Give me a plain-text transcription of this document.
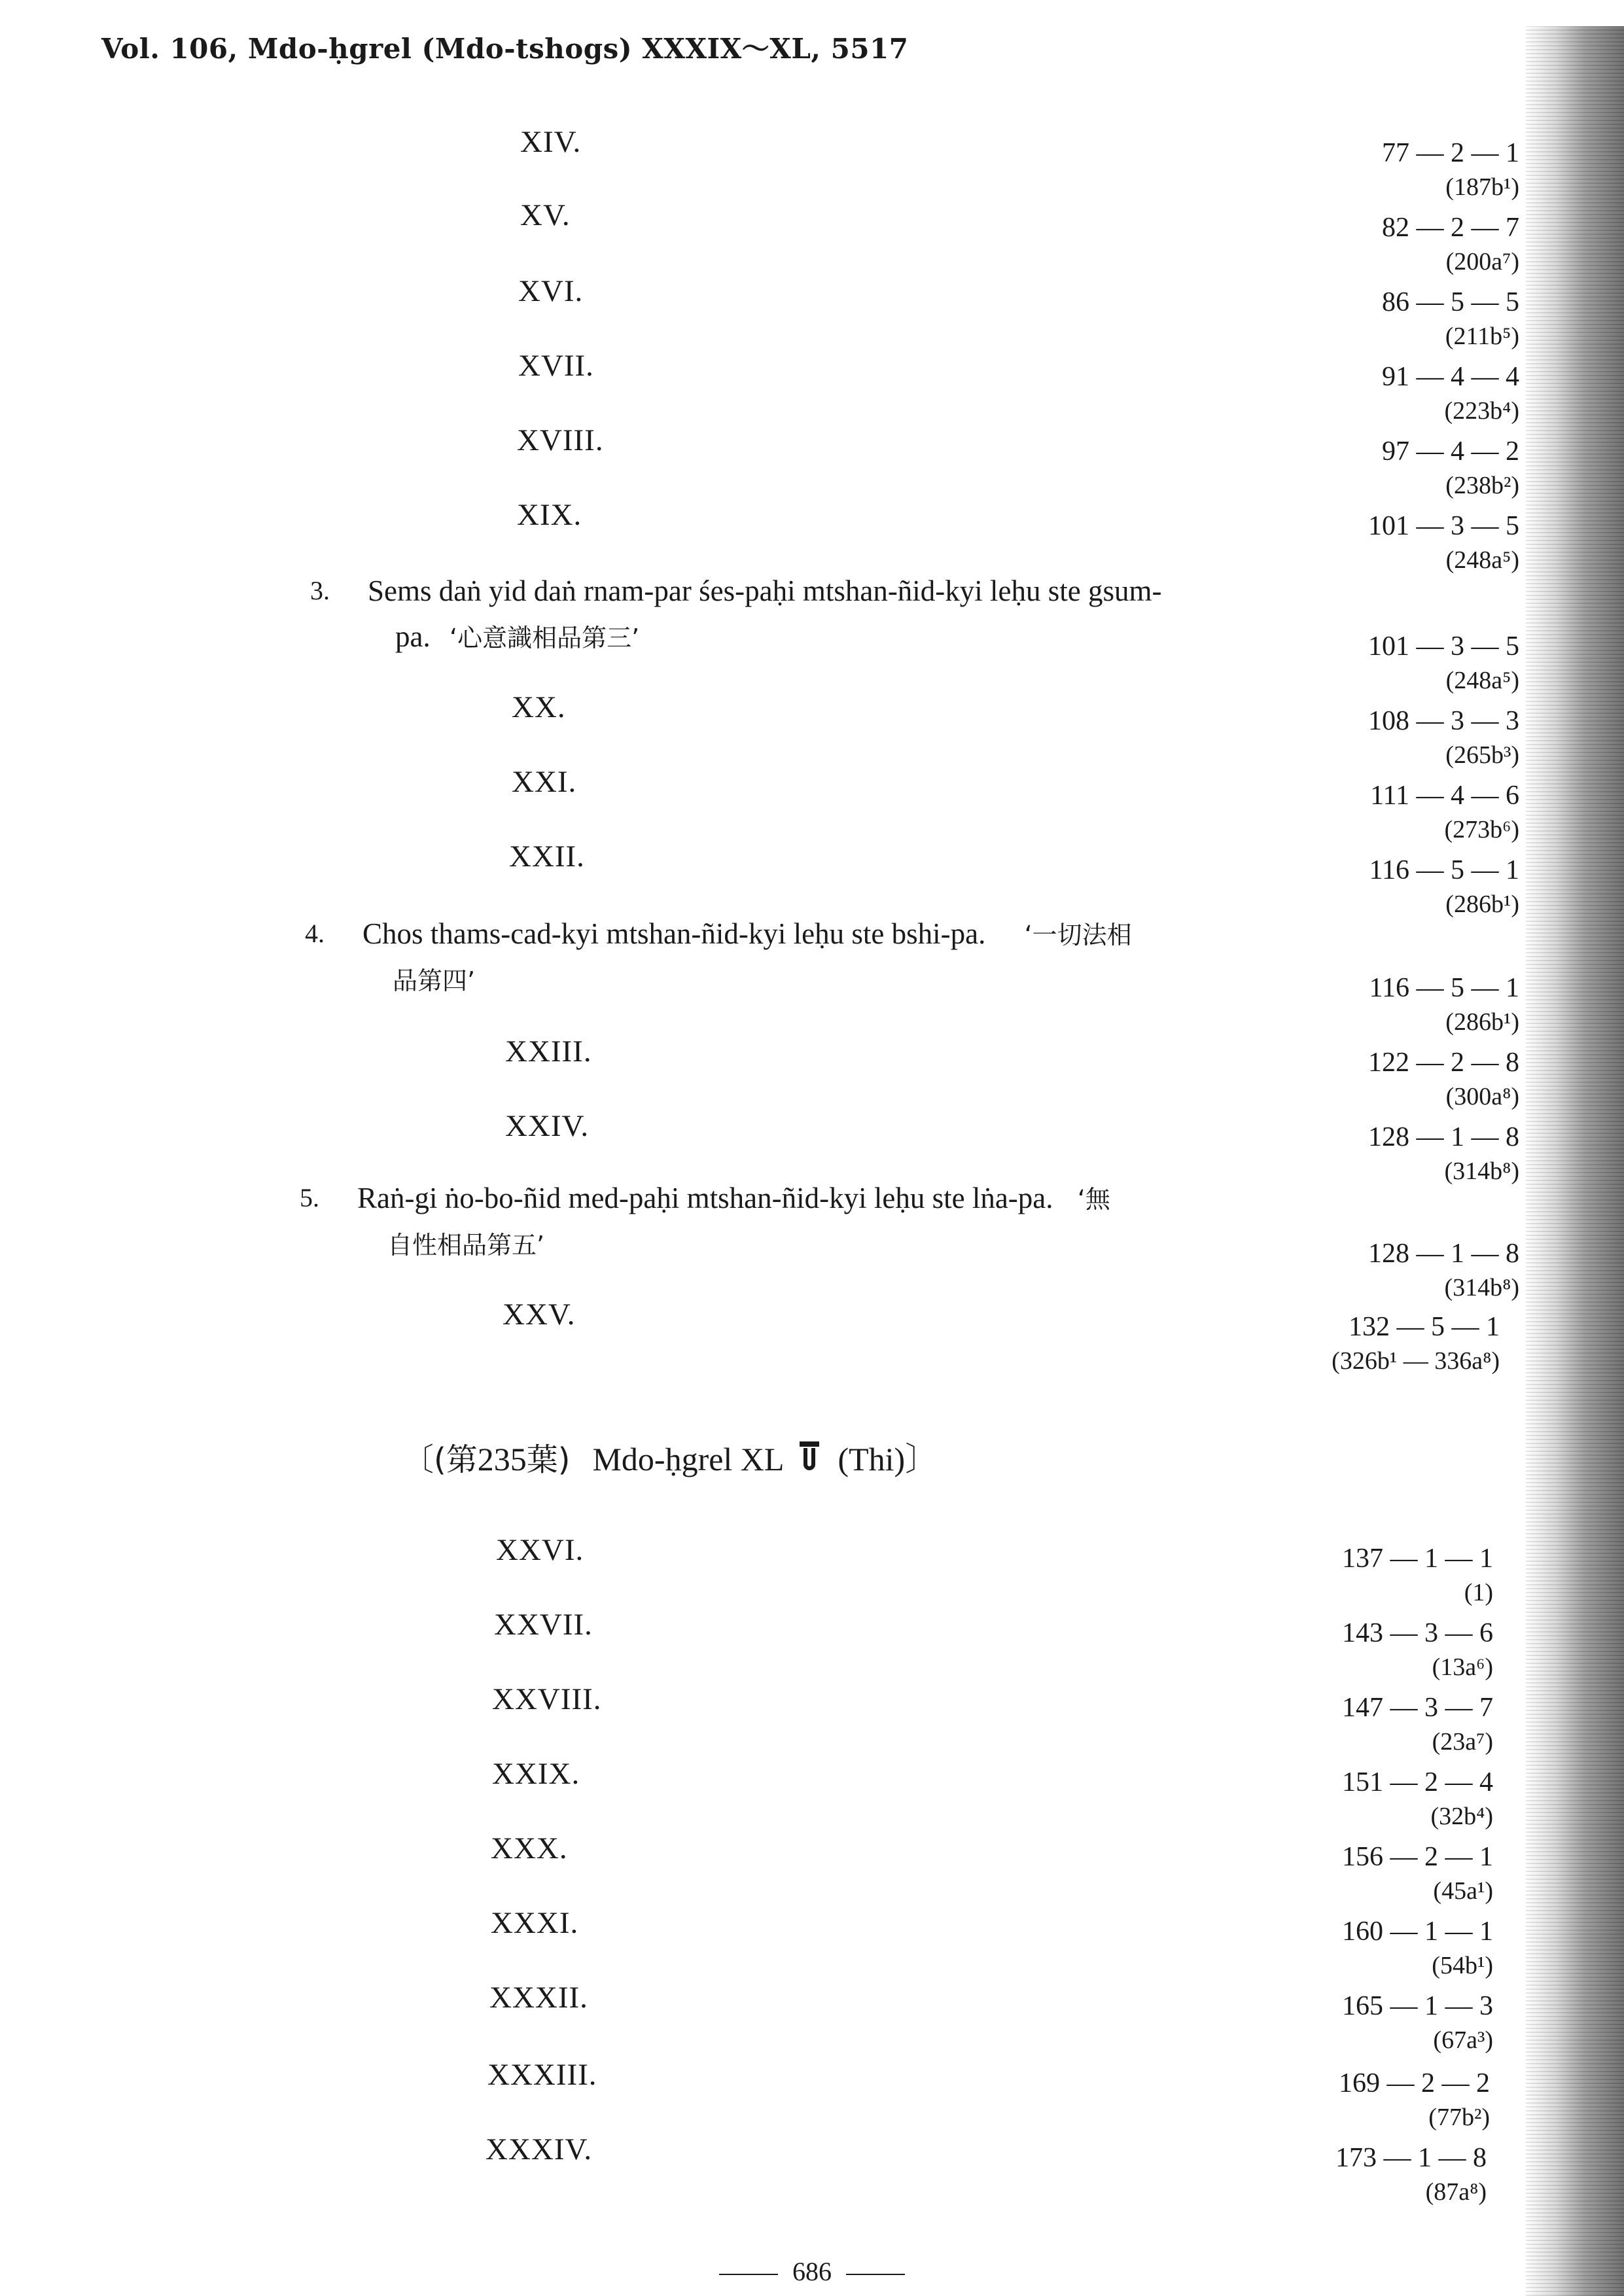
Vol. 106, Mdo-ḥgrel (Mdo-tshogs) XXXIX～XL, 5517
XIV.	77 — 2 — 1
(187b¹)
XV.	82 — 2 — 7
(200a⁷)
XVI.	86 — 5 — 5
(211b⁵)
XVII.	91 — 4 — 4
(223b⁴)
XVIII.	97 — 4 — 2
(238b²)
XIX.	101 — 3 — 5
(248a⁵)
3. Sems daṅ yid daṅ rnam-par śes-paḥi mtshan-ñid-kyi leḥu ste gsum-
pa. ‘心意識相品第三’	101 — 3 — 5
(248a⁵)
XX.	108 — 3 — 3
(265b³)
XXI.	111 — 4 — 6
(273b⁶)
XXII.	116 — 5 — 1
(286b¹)
4. Chos thams-cad-kyi mtshan-ñid-kyi leḥu ste bshi-pa. ‘一切法相
品第四’	116 — 5 — 1
(286b¹)
XXIII.	122 — 2 — 8
(300a⁸)
XXIV.	128 — 1 — 8
(314b⁸)
5. Raṅ-gi ṅo-bo-ñid med-paḥi mtshan-ñid-kyi leḥu ste lṅa-pa. ‘無
自性相品第五’	128 — 1 — 8
(314b⁸)
XXV.	132 — 5 — 1
(326b¹ — 336a⁸)
〔(第235葉) Mdo-ḥgrel XL (Thi)〕
XXVI.	137 — 1 — 1
(1)
XXVII.	143 — 3 — 6
(13a⁶)
XXVIII.	147 — 3 — 7
(23a⁷)
XXIX.	151 — 2 — 4
(32b⁴)
XXX.	156 — 2 — 1
(45a¹)
XXXI.	160 — 1 — 1
(54b¹)
XXXII.	165 — 1 — 3
(67a³)
XXXIII.	169 — 2 — 2
(77b²)
XXXIV.	173 — 1 — 8
(87a⁸)
686
